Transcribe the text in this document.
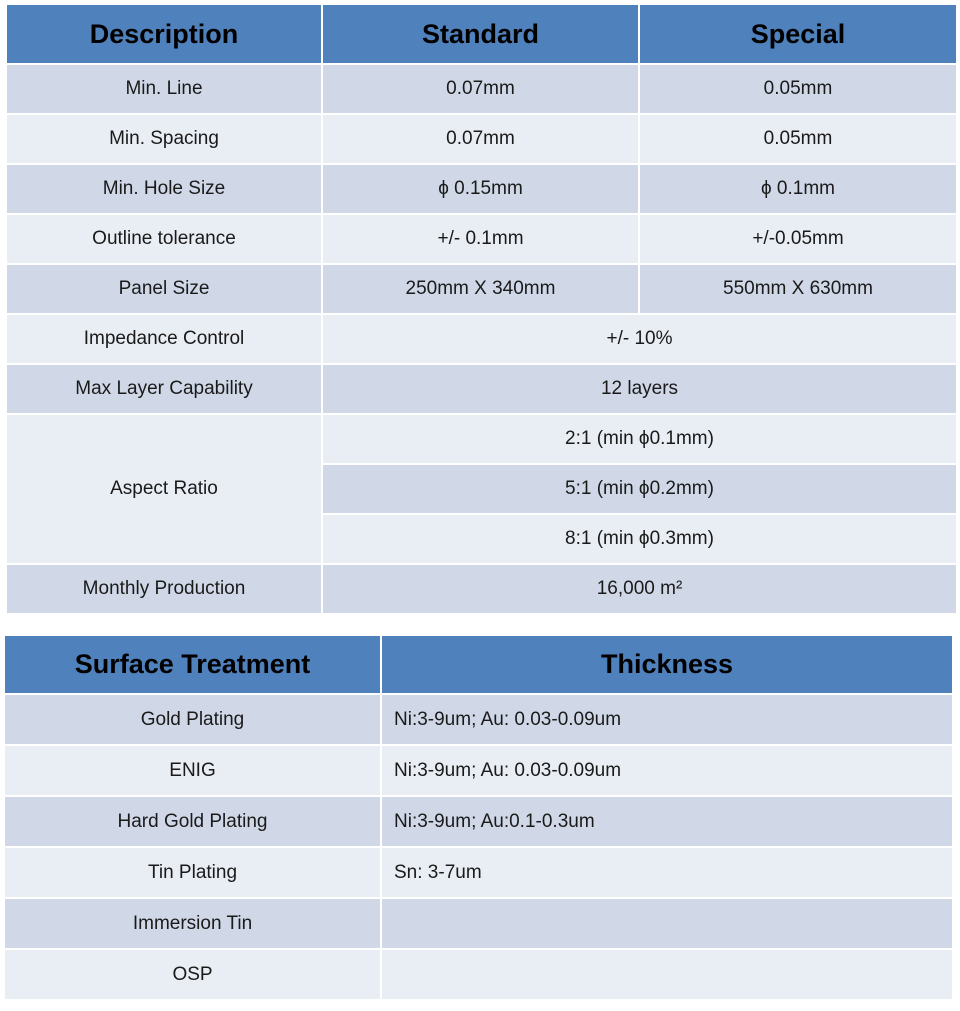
Description	Standard	Special
Min. Line	0.07mm	0.05mm
Min. Spacing	0.07mm	0.05mm
Min. Hole Size	ϕ 0.15mm	ϕ 0.1mm
Outline tolerance	+/- 0.1mm	+/-0.05mm
Panel Size	250mm X 340mm	550mm X 630mm
Impedance Control	+/- 10%	
Max Layer Capability	12 layers	
Aspect Ratio	2:1 (min ϕ0.1mm)	
	5:1 (min ϕ0.2mm)	
	8:1 (min ϕ0.3mm)	
Monthly Production	16,000 m²	
Surface Treatment	Thickness
Gold Plating	Ni:3-9um; Au: 0.03-0.09um
ENIG	Ni:3-9um; Au: 0.03-0.09um
Hard Gold Plating	Ni:3-9um; Au:0.1-0.3um
Tin Plating	Sn: 3-7um
Immersion Tin	
OSP	
